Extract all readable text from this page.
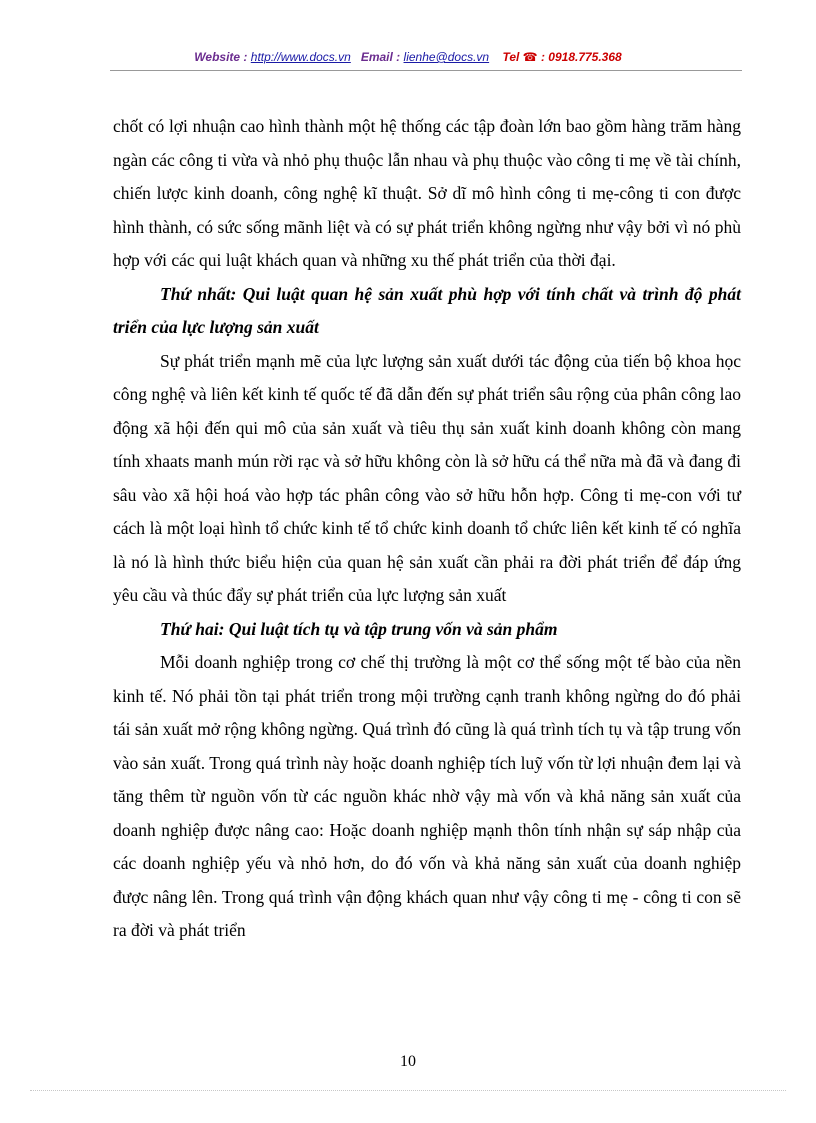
Website : http://www.docs.vn Email : lienhe@docs.vn Tel ☎ : 0918.775.368

chốt có lợi nhuận cao hình thành một hệ thống các tập đoàn lớn bao gồm hàng trăm hàng ngàn các công ti vừa và nhỏ phụ thuộc lẫn nhau và phụ thuộc vào công ti mẹ về tài chính, chiến lược kinh doanh, công nghệ kĩ thuật. Sở dĩ mô hình công ti mẹ-công ti con được hình thành, có sức sống mãnh liệt và có sự phát triển không ngừng như vậy bởi vì nó phù hợp với các qui luật khách quan và những xu thế phát triển của thời đại.

Thứ nhất: Qui luật quan hệ sản xuất phù hợp với tính chất và trình độ phát triển của lực lượng sản xuất

Sự phát triển mạnh mẽ của lực lượng sản xuất dưới tác động của tiến bộ khoa học công nghệ và liên kết kinh tế quốc tế đã dẫn đến sự phát triển sâu rộng của phân công lao động xã hội đến qui mô của sản xuất và tiêu thụ sản xuất kinh doanh không còn mang tính xhaats manh mún rời rạc và sở hữu không còn là sở hữu cá thể nữa mà đã và đang đi sâu vào xã hội hoá vào hợp tác phân công vào sở hữu hỗn hợp. Công ti mẹ-con với tư cách là một loại hình tổ chức kinh tế tổ chức kinh doanh tổ chức liên kết kinh tế có nghĩa là nó là hình thức biểu hiện của quan hệ sản xuất cần phải ra đời phát triển để đáp ứng yêu cầu và thúc đẩy sự phát triển của lực lượng sản xuất

Thứ hai: Qui luật tích tụ và tập trung vốn và sản phẩm

Mỗi doanh nghiệp trong cơ chế thị trường là một cơ thể sống một tế bào của nền kinh tế. Nó phải tồn tại phát triển trong mội trường cạnh tranh không ngừng do đó phải tái sản xuất mở rộng không ngừng. Quá trình đó cũng là quá trình tích tụ và tập trung vốn vào sản xuất. Trong quá trình này hoặc doanh nghiệp tích luỹ vốn từ lợi nhuận đem lại và tăng thêm từ nguồn vốn từ các nguồn khác nhờ vậy mà vốn và khả năng sản xuất của doanh nghiệp được nâng cao: Hoặc doanh nghiệp mạnh thôn tính nhận sự sáp nhập của các doanh nghiệp yếu và nhỏ hơn, do đó vốn và khả năng sản xuất của doanh nghiệp được nâng lên. Trong quá trình vận động khách quan như vậy công ti mẹ - công ti con sẽ ra đời và phát triển

10
